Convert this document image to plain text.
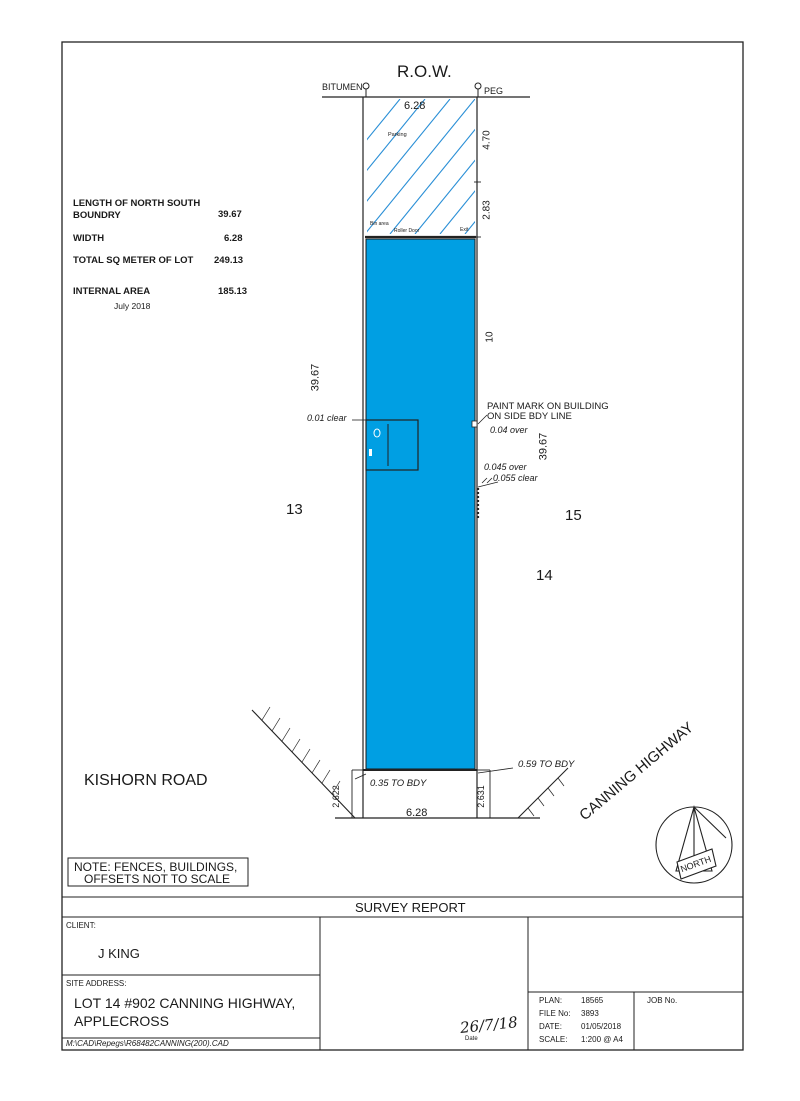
R.O.W.
BITUMEN	PEG
LENGTH OF NORTH SOUTH
BOUNDRY	39.67
WIDTH	6.28
TOTAL SQ METER OF LOT 249.13
INTERNAL AREA	185.13
July 2018
6.28
Parking
Bin area
Roller Door	Exit
4.70
2.83
10
39.67
39.67
0.01 clear
PAINT MARK ON BUILDING
ON SIDE BDY LINE
0.04 over
0.045 over
0.055 clear
13	15
14
KISHORN ROAD	CANNING HIGHWAY
0.35 TO BDY
0.59 TO BDY
2.622	2.631
6.28
NORTH
NOTE: FENCES, BUILDINGS,
OFFSETS NOT TO SCALE
SURVEY REPORT
CLIENT:
J KING
SITE ADDRESS:
LOT 14 #902 CANNING HIGHWAY,
APPLECROSS
M:\CAD\Repegs\R68482CANNING(200).CAD
26/7/18
Date
PLAN: 18565
FILE No: 3893
DATE: 01/05/2018
SCALE: 1:200 @ A4
JOB No.
